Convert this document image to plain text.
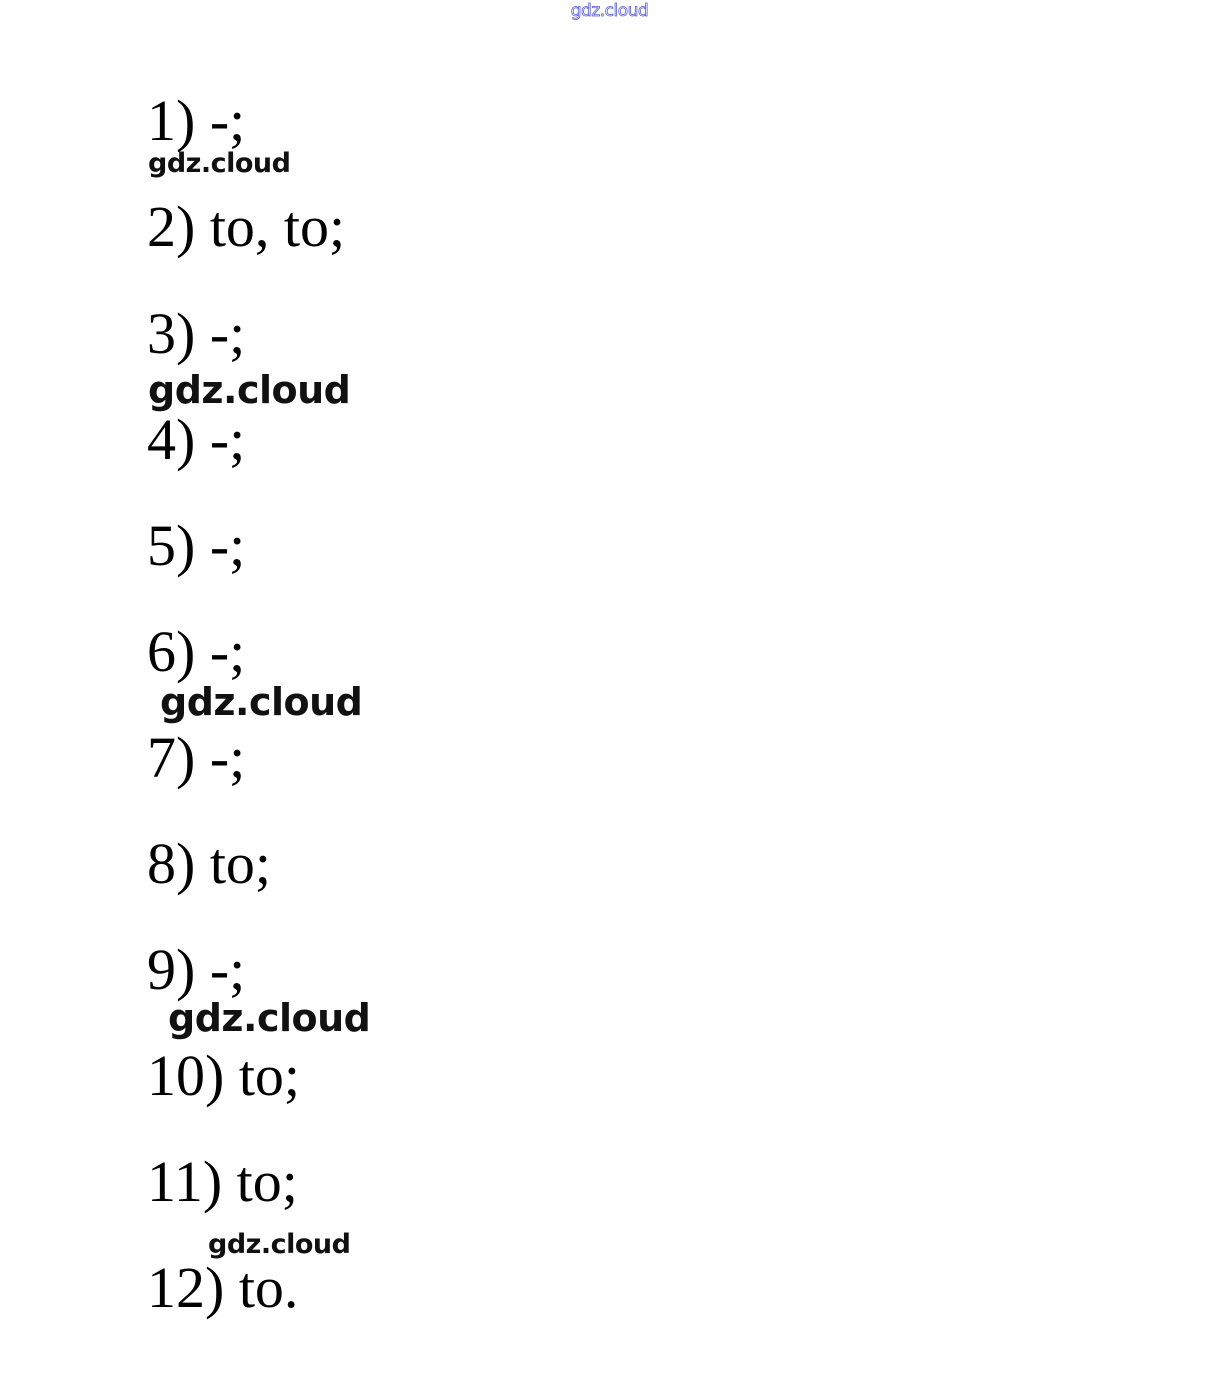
gdz.cloud
1) -;
2) to, to;
3) -;
4) -;
5) -;
6) -;
7) -;
8) to;
9) -;
10) to;
11) to;
12) to.
gdz.cloud
gdz.cloud
gdz.cloud
gdz.cloud
gdz.cloud
